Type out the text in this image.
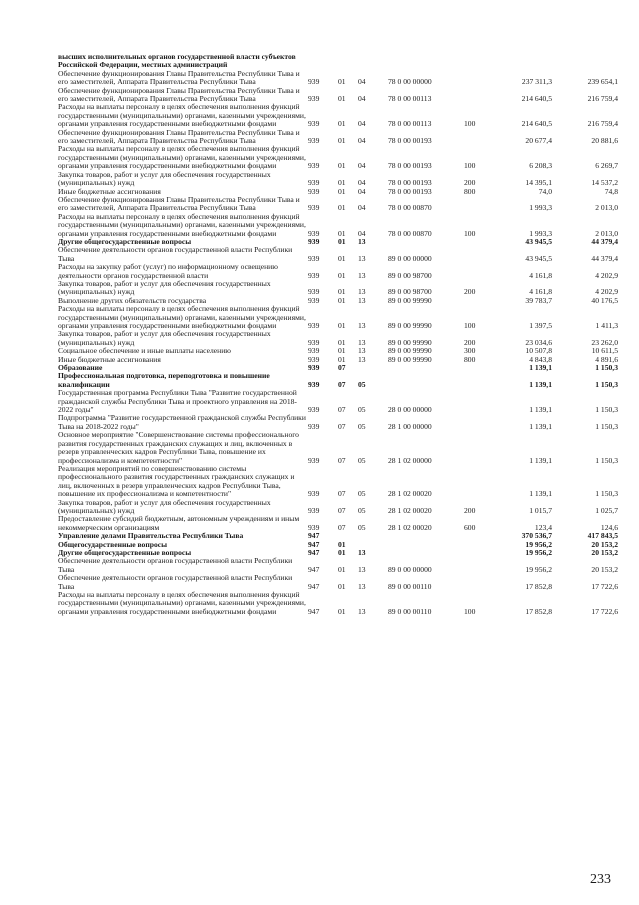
высших исполнительных органов государственной власти субъектов Российской Федерации, местных администраций							
Обеспечение функционирования Главы Правительства Республики Тыва и его заместителей, Аппарата Правительства Республики Тыва	939	01	04	78 0 00 00000		237 311,3	239 654,1
Обеспечение функционирования Главы Правительства Республики Тыва и его заместителей, Аппарата Правительства Республики Тыва	939	01	04	78 0 00 00113		214 640,5	216 759,4
Расходы на выплаты персоналу в целях обеспечения выполнения функций государственными (муниципальными) органами, казенными учреждениями, органами управления государственными внебюджетными фондами	939	01	04	78 0 00 00113	100	214 640,5	216 759,4
Обеспечение функционирования Главы Правительства Республики Тыва и его заместителей, Аппарата Правительства Республики Тыва	939	01	04	78 0 00 00193		20 677,4	20 881,6
Расходы на выплаты персоналу в целях обеспечения выполнения функций государственными (муниципальными) органами, казенными учреждениями, органами управления государственными внебюджетными фондами	939	01	04	78 0 00 00193	100	6 208,3	6 269,7
Закупка товаров, работ и услуг для обеспечения государственных (муниципальных) нужд	939	01	04	78 0 00 00193	200	14 395,1	14 537,2
Иные бюджетные ассигнования	939	01	04	78 0 00 00193	800	74,0	74,8
Обеспечение функционирования Главы Правительства Республики Тыва и его заместителей, Аппарата Правительства Республики Тыва	939	01	04	78 0 00 00870		1 993,3	2 013,0
Расходы на выплаты персоналу в целях обеспечения выполнения функций государственными (муниципальными) органами, казенными учреждениями, органами управления государственными внебюджетными фондами	939	01	04	78 0 00 00870	100	1 993,3	2 013,0
Другие общегосударственные вопросы	939	01	13			43 945,5	44 379,4
Обеспечение деятельности органов государственной власти Республики Тыва	939	01	13	89 0 00 00000		43 945,5	44 379,4
Расходы на закупку работ (услуг) по информационному освещению деятельности органов государственной власти	939	01	13	89 0 00 98700		4 161,8	4 202,9
Закупка товаров, работ и услуг для обеспечения государственных (муниципальных) нужд	939	01	13	89 0 00 98700	200	4 161,8	4 202,9
Выполнение других обязательств государства	939	01	13	89 0 00 99990		39 783,7	40 176,5
Расходы на выплаты персоналу в целях обеспечения выполнения функций государственными (муниципальными) органами, казенными учреждениями, органами управления государственными внебюджетными фондами	939	01	13	89 0 00 99990	100	1 397,5	1 411,3
Закупка товаров, работ и услуг для обеспечения государственных (муниципальных) нужд	939	01	13	89 0 00 99990	200	23 034,6	23 262,0
Социальное обеспечение и иные выплаты населению	939	01	13	89 0 00 99990	300	10 507,8	10 611,5
Иные бюджетные ассигнования	939	01	13	89 0 00 99990	800	4 843,8	4 891,6
Образование	939	07				1 139,1	1 150,3
Профессиональная подготовка, переподготовка и повышение квалификации	939	07	05			1 139,1	1 150,3
Государственная программа Республики Тыва "Развитие государственной гражданской службы Республики Тыва и проектного управления на 2018-2022 годы"	939	07	05	28 0 00 00000		1 139,1	1 150,3
Подпрограмма "Развитие государственной гражданской службы Республики Тыва на 2018-2022 годы"	939	07	05	28 1 00 00000		1 139,1	1 150,3
Основное мероприятие "Совершенствование системы профессионального развития государственных гражданских служащих и лиц, включенных в резерв управленческих кадров Республики Тыва, повышение их профессионализма и компетентности"	939	07	05	28 1 02 00000		1 139,1	1 150,3
Реализация мероприятий по совершенствованию системы профессионального развития государственных гражданских служащих и лиц, включенных в резерв управленческих кадров Республики Тыва, повышение их профессионализма и компетентности"	939	07	05	28 1 02 00020		1 139,1	1 150,3
Закупка товаров, работ и услуг для обеспечения государственных (муниципальных) нужд	939	07	05	28 1 02 00020	200	1 015,7	1 025,7
Предоставление субсидий бюджетным, автономным учреждениям и иным некоммерческим организациям	939	07	05	28 1 02 00020	600	123,4	124,6
Управление делами Правительства Республики Тыва	947					370 536,7	417 843,5
Общегосударственные вопросы	947	01				19 956,2	20 153,2
Другие общегосударственные вопросы	947	01	13			19 956,2	20 153,2
Обеспечение деятельности органов государственной власти Республики Тыва	947	01	13	89 0 00 00000		19 956,2	20 153,2
Обеспечение деятельности органов государственной власти Республики Тыва	947	01	13	89 0 00 00110		17 852,8	17 722,6
Расходы на выплаты персоналу в целях обеспечения выполнения функций государственными (муниципальными) органами, казенными учреждениями, органами управления государственными внебюджетными фондами	947	01	13	89 0 00 00110	100	17 852,8	17 722,6
233
